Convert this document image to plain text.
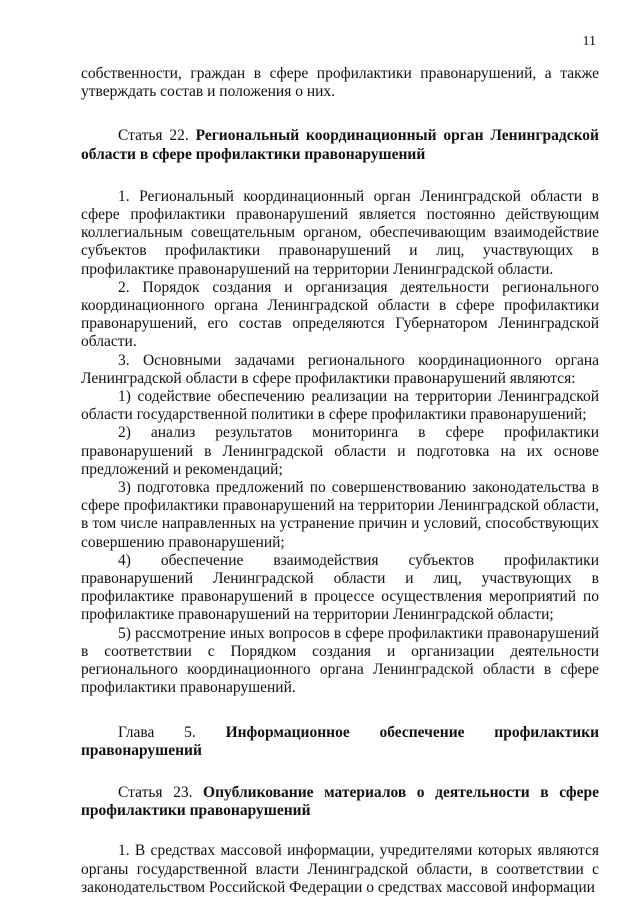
11

собственности, граждан в сфере профилактики правонарушений, а также утверждать состав и положения о них.

Статья 22. Региональный координационный орган Ленинградской области в сфере профилактики правонарушений

1. Региональный координационный орган Ленинградской области в сфере профилактики правонарушений является постоянно действующим коллегиальным совещательным органом, обеспечивающим взаимодействие субъектов профилактики правонарушений и лиц, участвующих в профилактике правонарушений на территории Ленинградской области.

2. Порядок создания и организация деятельности регионального координационного органа Ленинградской области в сфере профилактики правонарушений, его состав определяются Губернатором Ленинградской области.

3. Основными задачами регионального координационного органа Ленинградской области в сфере профилактики правонарушений являются:

1) содействие обеспечению реализации на территории Ленинградской области государственной политики в сфере профилактики правонарушений;

2) анализ результатов мониторинга в сфере профилактики правонарушений в Ленинградской области и подготовка на их основе предложений и рекомендаций;

3) подготовка предложений по совершенствованию законодательства в сфере профилактики правонарушений на территории Ленинградской области, в том числе направленных на устранение причин и условий, способствующих совершению правонарушений;

4) обеспечение взаимодействия субъектов профилактики правонарушений Ленинградской области и лиц, участвующих в профилактике правонарушений в процессе осуществления мероприятий по профилактике правонарушений на территории Ленинградской области;

5) рассмотрение иных вопросов в сфере профилактики правонарушений в соответствии с Порядком создания и организации деятельности регионального координационного органа Ленинградской области в сфере профилактики правонарушений.

Глава 5. Информационное обеспечение профилактики правонарушений

Статья 23. Опубликование материалов о деятельности в сфере профилактики правонарушений

1. В средствах массовой информации, учредителями которых являются органы государственной власти Ленинградской области, в соответствии с законодательством Российской Федерации о средствах массовой информации
